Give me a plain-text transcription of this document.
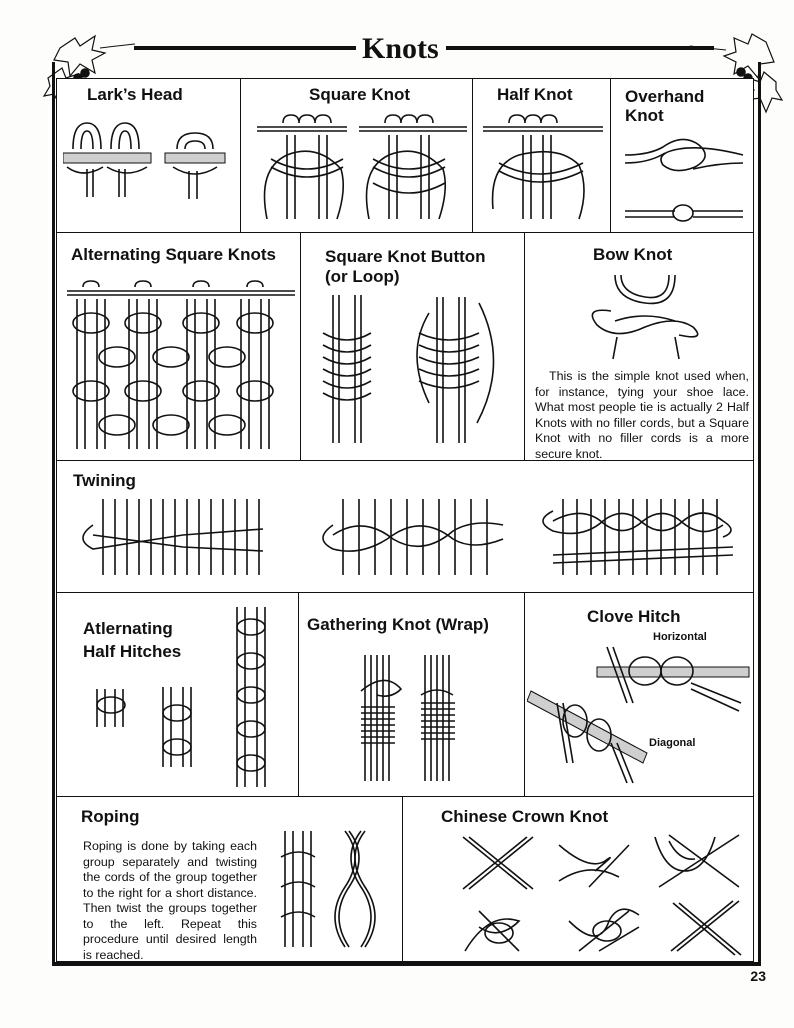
Knots
Lark’s Head	Square Knot	Half Knot	Overhand
Knot
Alternating Square Knots	Square Knot Button
(or Loop)
Bow Knot
This is the simple knot used when, for instance, tying your shoe lace. What most people tie is actually 2 Half Knots with no filler cords, but a Square Knot with no filler cords is a more secure knot.
Twining
Atlernating
Half Hitches
Gathering Knot (Wrap)	Clove Hitch
Horizontal
Diagonal
Roping
Roping is done by taking each group separately and twisting the cords of the group together to the right for a short distance. Then twist the groups together to the left. Repeat this procedure until desired length is reached.
Chinese Crown Knot
23
